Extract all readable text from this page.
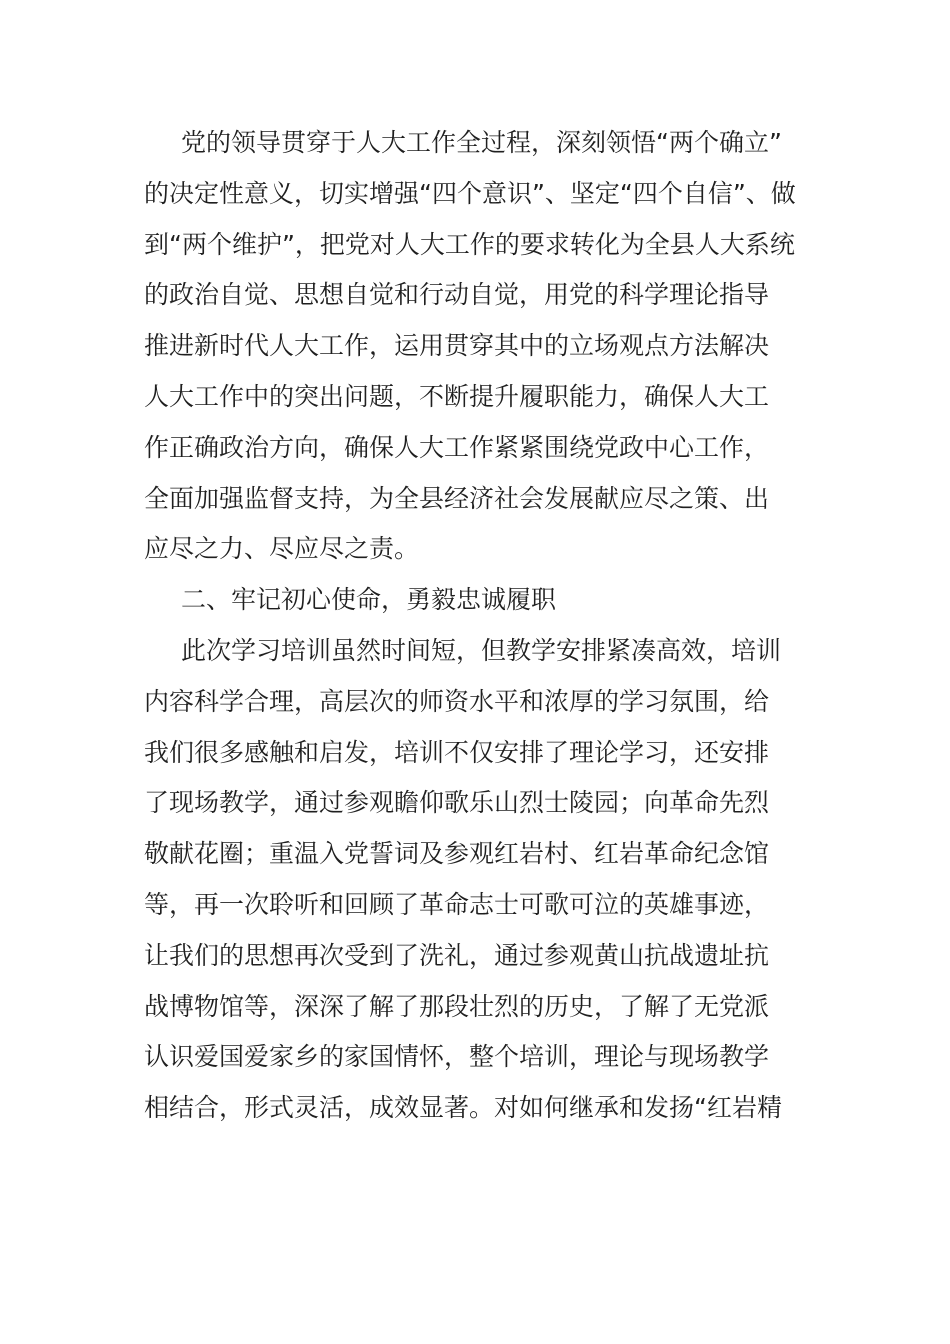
党的领导贯穿于人大工作全过程，深刻领悟“两个确立”
的决定性意义，切实增强“四个意识”、坚定“四个自信”、做
到“两个维护”，把党对人大工作的要求转化为全县人大系统
的政治自觉、思想自觉和行动自觉，用党的科学理论指导
推进新时代人大工作，运用贯穿其中的立场观点方法解决
人大工作中的突出问题，不断提升履职能力，确保人大工
作正确政治方向，确保人大工作紧紧围绕党政中心工作，
全面加强监督支持，为全县经济社会发展献应尽之策、出
应尽之力、尽应尽之责。
二、牢记初心使命，勇毅忠诚履职
此次学习培训虽然时间短，但教学安排紧凑高效，培训
内容科学合理，高层次的师资水平和浓厚的学习氛围，给
我们很多感触和启发，培训不仅安排了理论学习，还安排
了现场教学，通过参观瞻仰歌乐山烈士陵园；向革命先烈
敬献花圈；重温入党誓词及参观红岩村、红岩革命纪念馆
等，再一次聆听和回顾了革命志士可歌可泣的英雄事迹，
让我们的思想再次受到了洗礼，通过参观黄山抗战遗址抗
战博物馆等，深深了解了那段壮烈的历史，了解了无党派
认识爱国爱家乡的家国情怀，整个培训，理论与现场教学
相结合，形式灵活，成效显著。对如何继承和发扬“红岩精
